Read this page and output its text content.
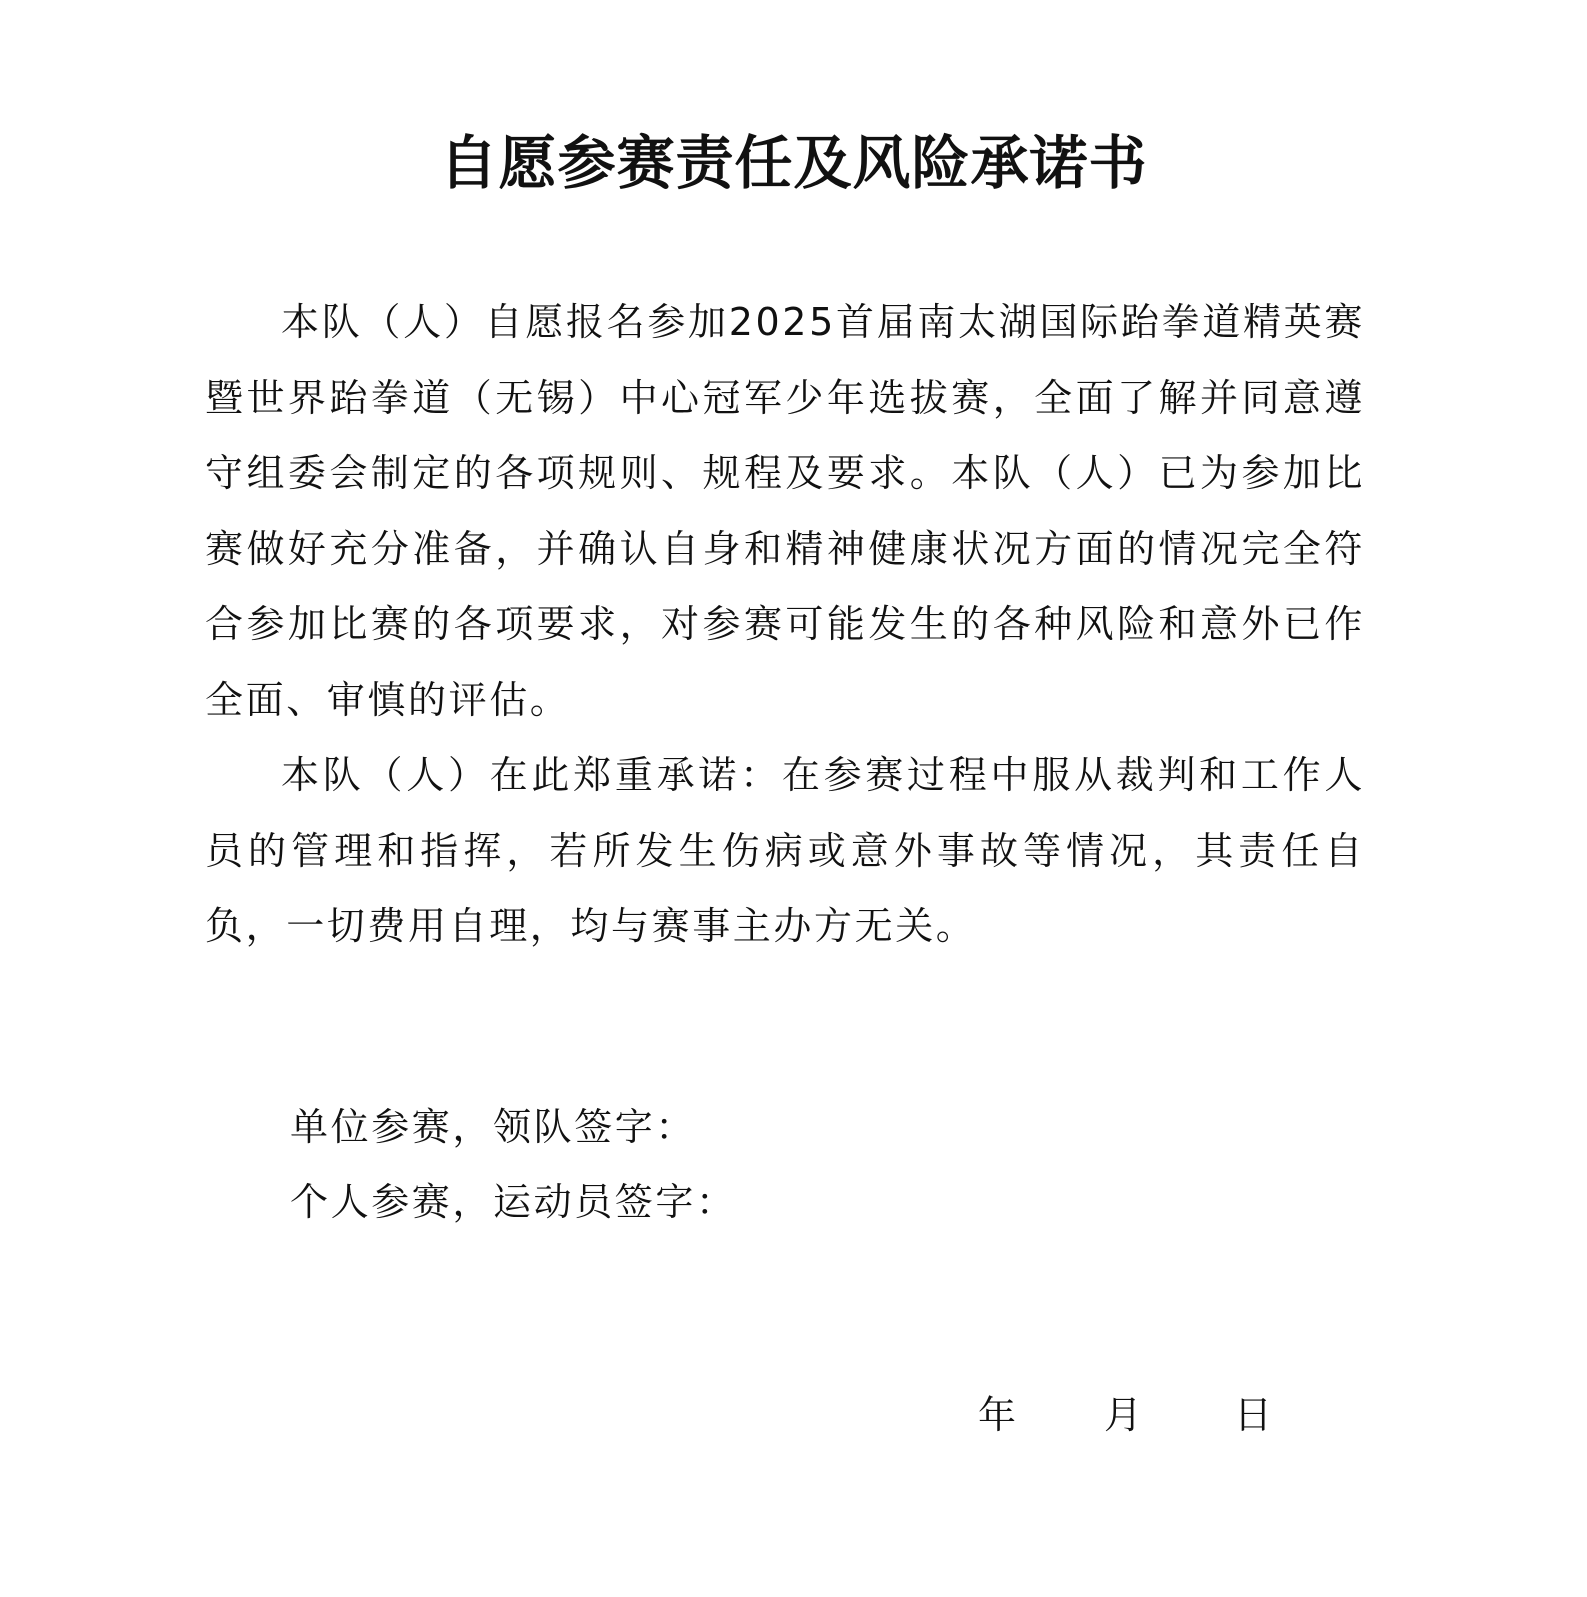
自愿参赛责任及风险承诺书

本队（人）自愿报名参加2025首届南太湖国际跆拳道精英赛暨世界跆拳道（无锡）中心冠军少年选拔赛，全面了解并同意遵守组委会制定的各项规则、规程及要求。本队（人）已为参加比赛做好充分准备，并确认自身和精神健康状况方面的情况完全符合参加比赛的各项要求，对参赛可能发生的各种风险和意外已作全面、审慎的评估。

本队（人）在此郑重承诺：在参赛过程中服从裁判和工作人员的管理和指挥，若所发生伤病或意外事故等情况，其责任自负，一切费用自理，均与赛事主办方无关。

单位参赛，领队签字：
个人参赛，运动员签字：
年 月 日
